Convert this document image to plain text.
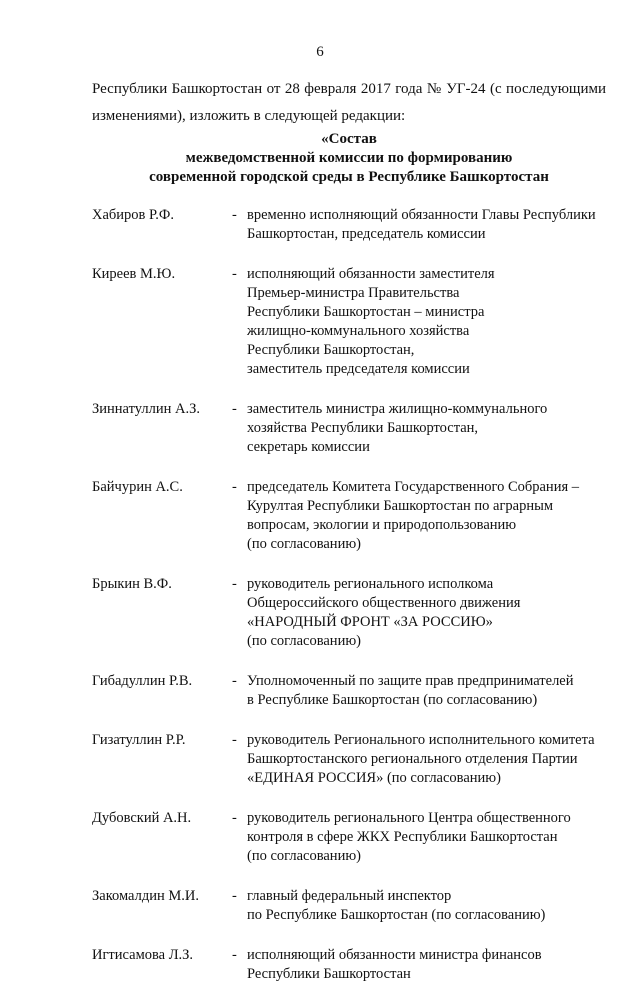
6
Республики Башкортостан от 28 февраля 2017 года № УГ-24 (с последующими
изменениями), изложить в следующей редакции:
«Состав
межведомственной комиссии по формированию
современной городской среды в Республике Башкортостан
Хабиров Р.Ф.	- временно исполняющий обязанности Главы Республики
Башкортостан, председатель комиссии
Киреев М.Ю.	- исполняющий обязанности заместителя
Премьер-министра Правительства
Республики Башкортостан – министра
жилищно-коммунального хозяйства
Республики Башкортостан,
заместитель председателя комиссии
Зиннатуллин А.З. - заместитель министра жилищно-коммунального
хозяйства Республики Башкортостан,
секретарь комиссии
Байчурин А.С.	- председатель Комитета Государственного Собрания –
Курултая Республики Башкортостан по аграрным
вопросам, экологии и природопользованию
(по согласованию)
Брыкин В.Ф.	- руководитель регионального исполкома
Общероссийского общественного движения
«НАРОДНЫЙ ФРОНТ «ЗА РОССИЮ»
(по согласованию)
Гибадуллин Р.В.	- Уполномоченный по защите прав предпринимателей
в Республике Башкортостан (по согласованию)
Гизатуллин Р.Р.	- руководитель Регионального исполнительного комитета
Башкортостанского регионального отделения Партии
«ЕДИНАЯ РОССИЯ» (по согласованию)
Дубовский А.Н.	- руководитель регионального Центра общественного
контроля в сфере ЖКХ Республики Башкортостан
(по согласованию)
Закомалдин М.И. - главный федеральный инспектор
по Республике Башкортостан (по согласованию)
Игтисамова Л.З.	- исполняющий обязанности министра финансов
Республики Башкортостан
